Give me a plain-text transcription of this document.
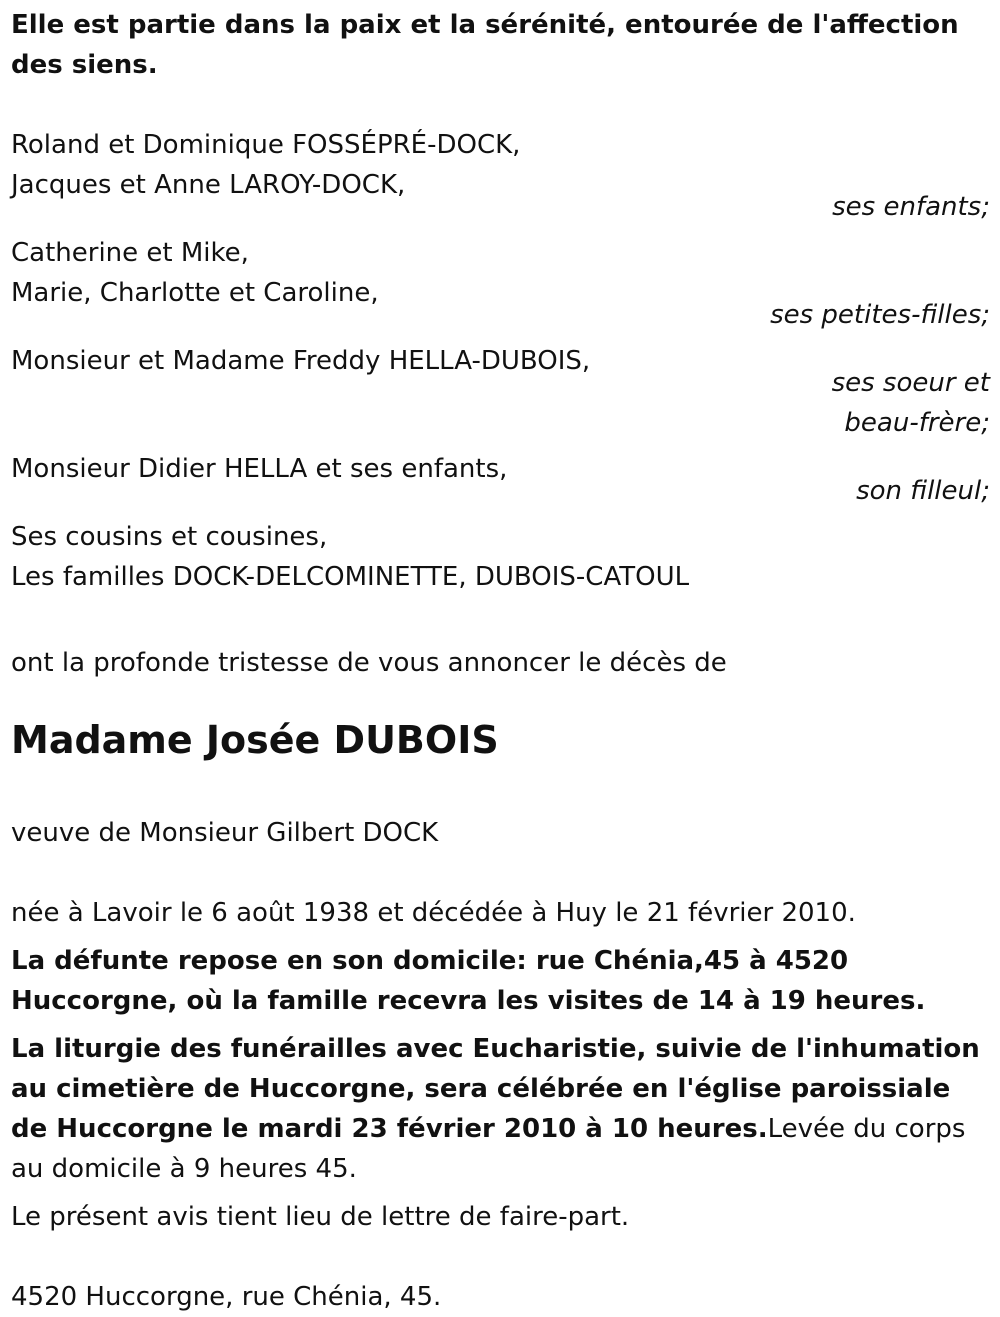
Elle est partie dans la paix et la sérénité, entourée de l'affection des siens.

Roland et Dominique FOSSÉPRÉ-DOCK,

Jacques et Anne LAROY-DOCK,

ses enfants;

Catherine et Mike,

Marie, Charlotte et Caroline,

ses petites-filles;

Monsieur et Madame Freddy HELLA-DUBOIS,

ses soeur et beau-frère;

Monsieur Didier HELLA et ses enfants,

son filleul;

Ses cousins et cousines,

Les familles DOCK-DELCOMINETTE, DUBOIS-CATOUL

ont la profonde tristesse de vous annoncer le décès de

Madame Josée DUBOIS

veuve de Monsieur Gilbert DOCK

née à Lavoir le 6 août 1938 et décédée à Huy le 21 février 2010.

La défunte repose en son domicile: rue Chénia,45 à 4520 Huccorgne, où la famille recevra les visites de 14 à 19 heures.

La liturgie des funérailles avec Eucharistie, suivie de l'inhumation au cimetière de Huccorgne, sera célébrée en l'église paroissiale de Huccorgne le mardi 23 février 2010 à 10 heures.Levée du corps au domicile à 9 heures 45.

Le présent avis tient lieu de lettre de faire-part.

4520 Huccorgne, rue Chénia, 45.
